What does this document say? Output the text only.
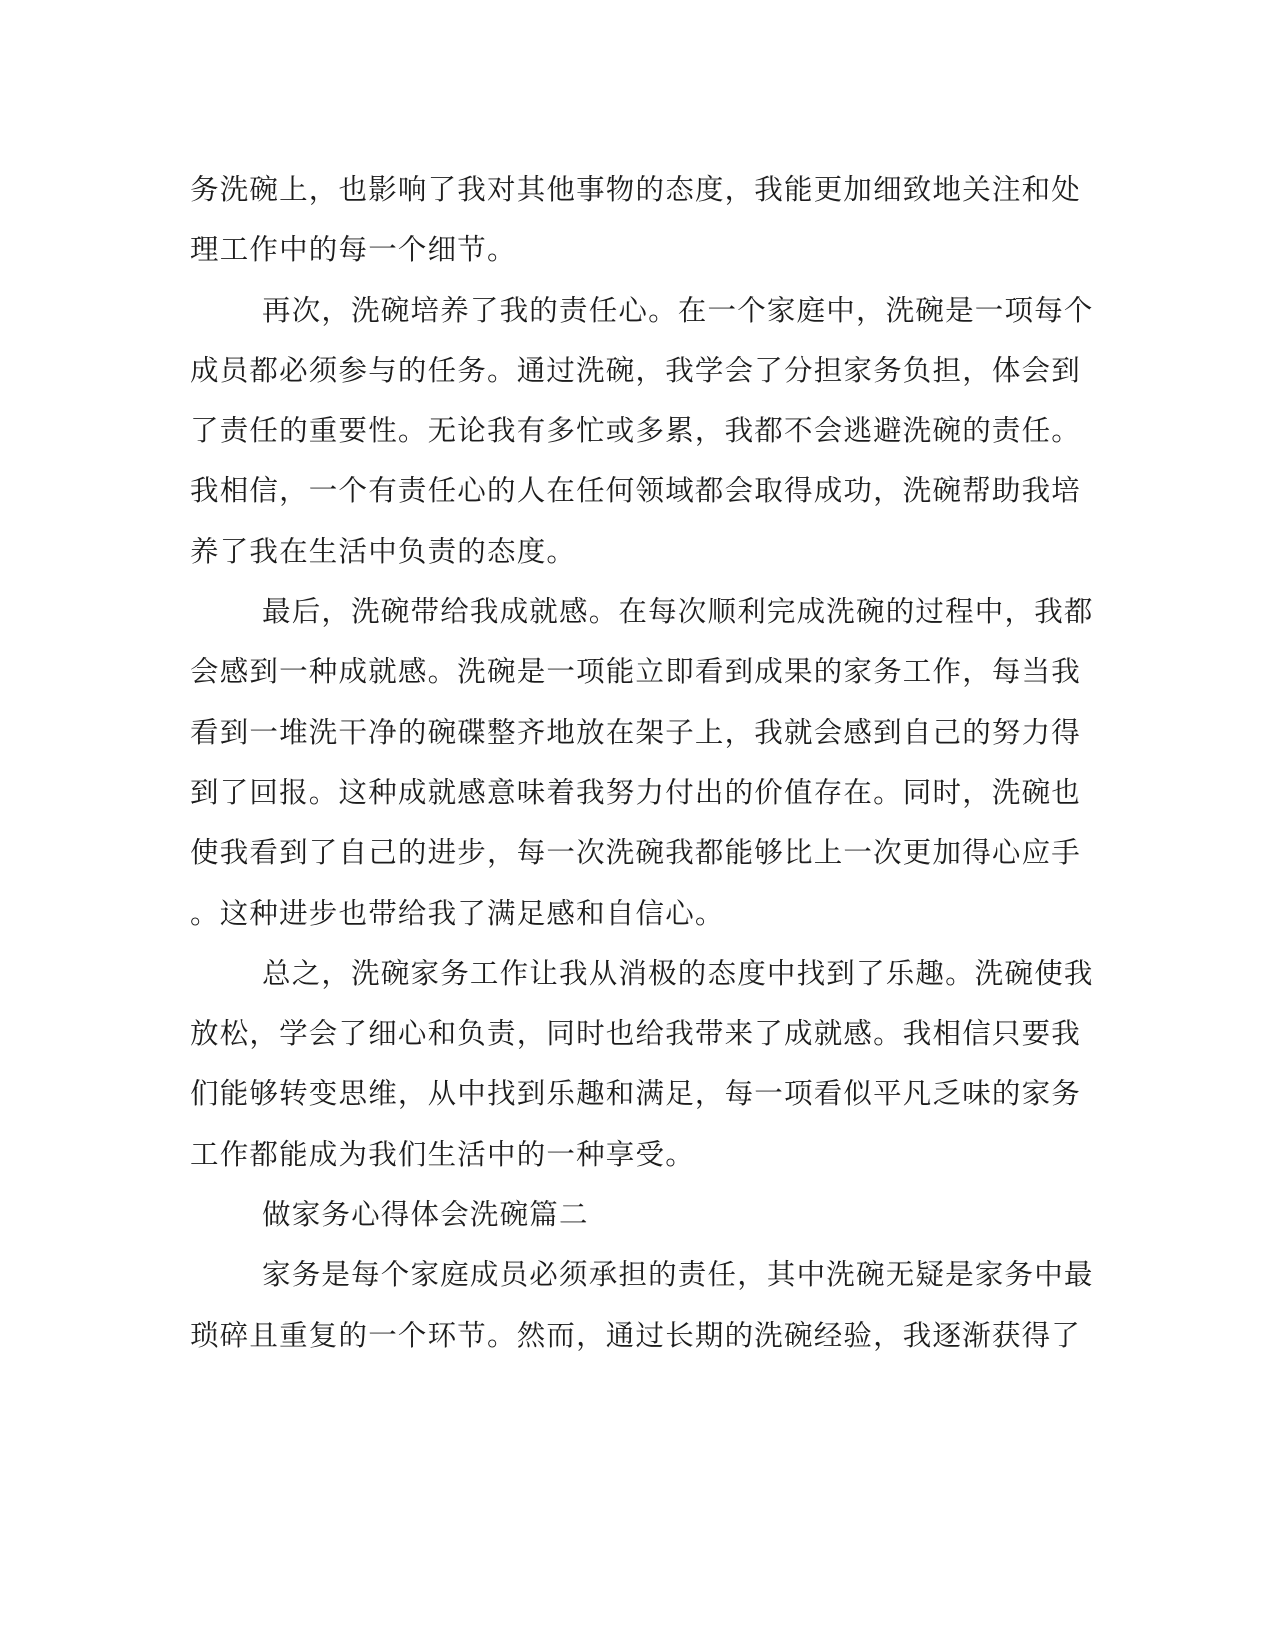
务洗碗上，也影响了我对其他事物的态度，我能更加细致地关注和处
理工作中的每一个细节。
再次，洗碗培养了我的责任心。在一个家庭中，洗碗是一项每个
成员都必须参与的任务。通过洗碗，我学会了分担家务负担，体会到
了责任的重要性。无论我有多忙或多累，我都不会逃避洗碗的责任。
我相信，一个有责任心的人在任何领域都会取得成功，洗碗帮助我培
养了我在生活中负责的态度。
最后，洗碗带给我成就感。在每次顺利完成洗碗的过程中，我都
会感到一种成就感。洗碗是一项能立即看到成果的家务工作，每当我
看到一堆洗干净的碗碟整齐地放在架子上，我就会感到自己的努力得
到了回报。这种成就感意味着我努力付出的价值存在。同时，洗碗也
使我看到了自己的进步，每一次洗碗我都能够比上一次更加得心应手
。这种进步也带给我了满足感和自信心。
总之，洗碗家务工作让我从消极的态度中找到了乐趣。洗碗使我
放松，学会了细心和负责，同时也给我带来了成就感。我相信只要我
们能够转变思维，从中找到乐趣和满足，每一项看似平凡乏味的家务
工作都能成为我们生活中的一种享受。
做家务心得体会洗碗篇二
家务是每个家庭成员必须承担的责任，其中洗碗无疑是家务中最
琐碎且重复的一个环节。然而，通过长期的洗碗经验，我逐渐获得了
